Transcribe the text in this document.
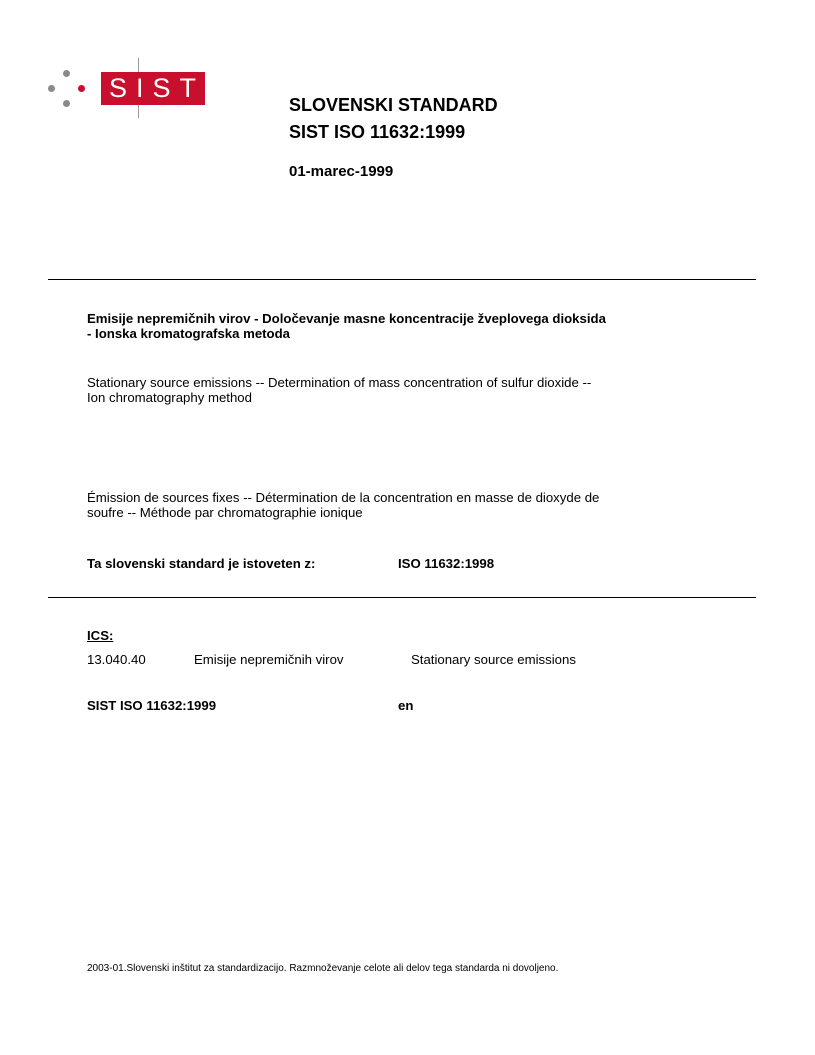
SIST
SLOVENSKI STANDARD
SIST ISO 11632:1999
01-marec-1999
Emisije nepremičnih virov - Določevanje masne koncentracije žveplovega dioksida
- Ionska kromatografska metoda
Stationary source emissions -- Determination of mass concentration of sulfur dioxide --
Ion chromatography method
Émission de sources fixes -- Détermination de la concentration en masse de dioxyde de
soufre -- Méthode par chromatographie ionique
Ta slovenski standard je istoveten z:	ISO 11632:1998
ICS:
13.040.40	Emisije nepremičnih virov	Stationary source emissions
SIST ISO 11632:1999	en
2003-01.Slovenski inštitut za standardizacijo. Razmnoževanje celote ali delov tega standarda ni dovoljeno.
